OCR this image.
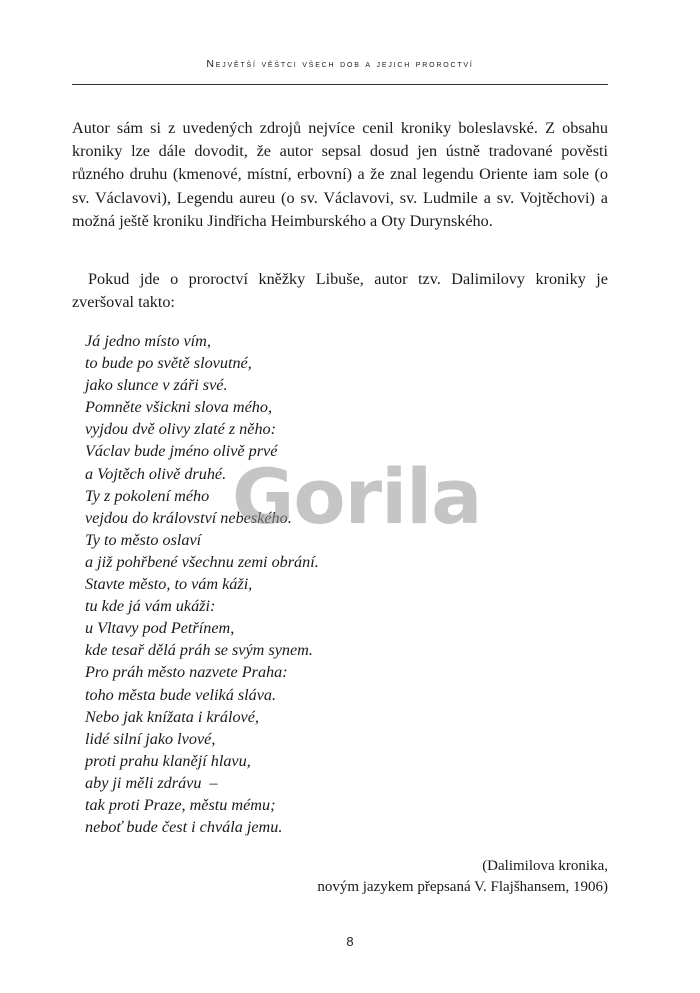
Největší věštci všech dob a jejich proroctví

Autor sám si z uvedených zdrojů nejvíce cenil kroniky boleslavské. Z obsahu kroniky lze dále dovodit, že autor sepsal dosud jen ústně tradované pověsti různého druhu (kmenové, místní, erbovní) a že znal legendu Oriente iam sole (o sv. Václavovi), Legendu aureu (o sv. Václavovi, sv. Ludmile a sv. Vojtěchovi) a možná ještě kroniku Jindřicha Heimburského a Oty Durynského.

Pokud jde o proroctví kněžky Libuše, autor tzv. Dalimilovy kroniky je zveršoval takto:

Já jedno místo vím,
to bude po světě slovutné,
jako slunce v záři své.
Pomněte všickni slova mého,
vyjdou dvě olivy zlaté z něho:
Václav bude jméno olivě prvé
a Vojtěch olivě druhé.
Ty z pokolení mého
vejdou do království nebeského.
Ty to město oslaví
a již pohřbené všechnu zemi obrání.
Stavte město, to vám káži,
tu kde já vám ukáži:
u Vltavy pod Petřínem,
kde tesař dělá práh se svým synem.
Pro práh město nazvete Praha:
toho města bude veliká sláva.
Nebo jak knížata i králové,
lidé silní jako lvové,
proti prahu klanějí hlavu,
aby ji měli zdrávu  –
tak proti Praze, městu mému;
neboť bude čest i chvála jemu.
(Dalimilova kronika,
novým jazykem přepsaná V. Flajšhansem, 1906)
Gorila
8
